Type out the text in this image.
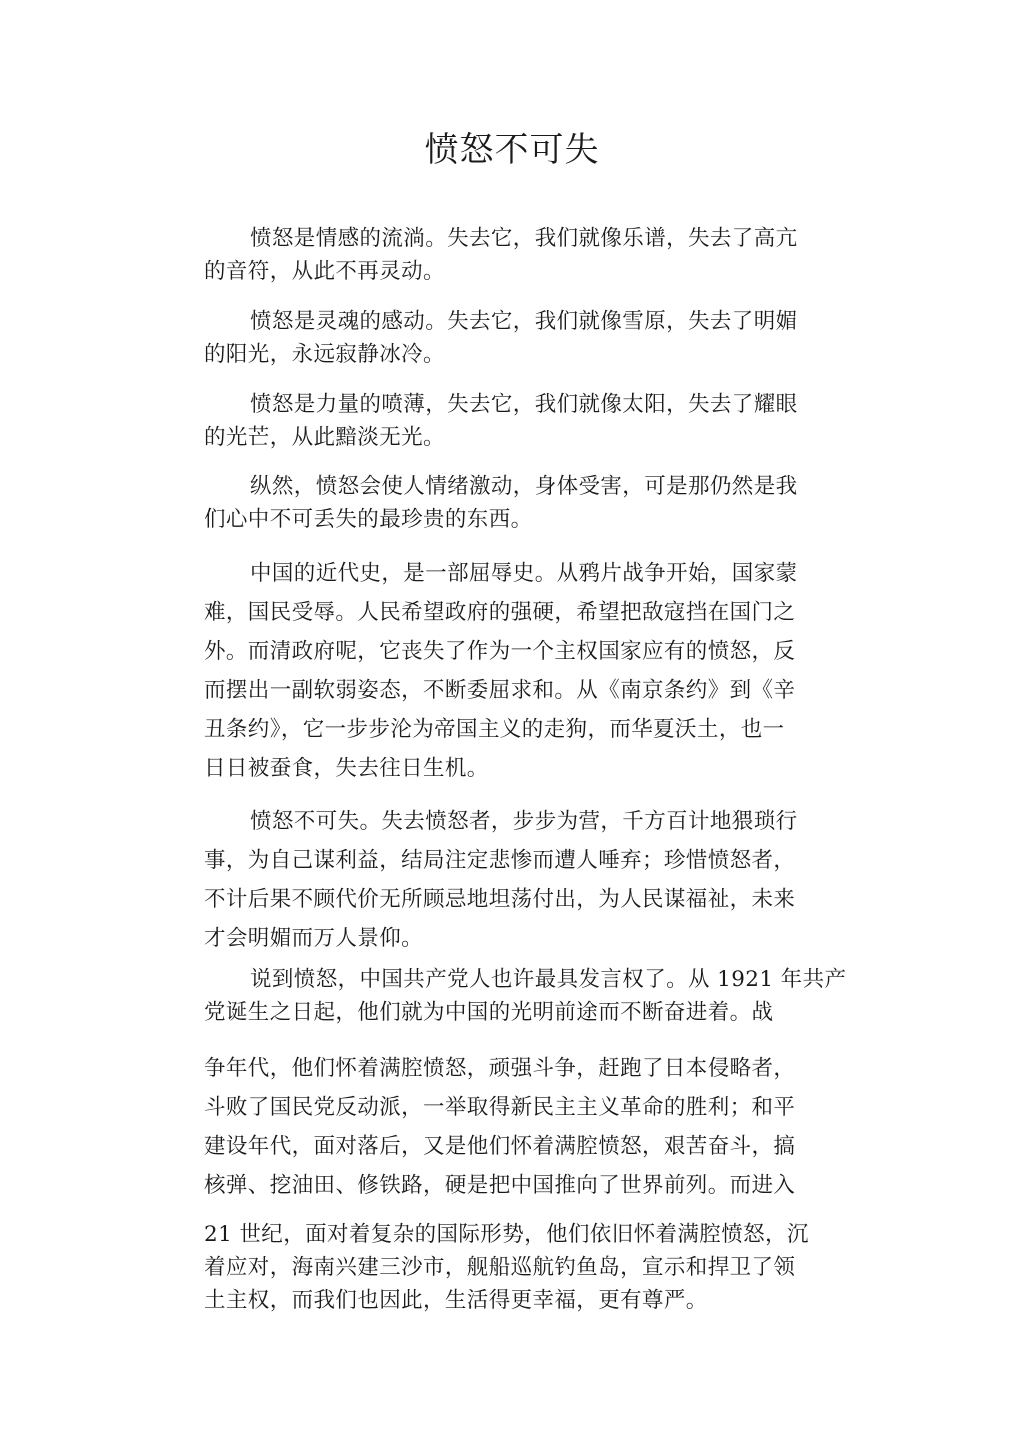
愤怒不可失

愤怒是情感的流淌。失去它，我们就像乐谱，失去了高亢
的音符，从此不再灵动。

愤怒是灵魂的感动。失去它，我们就像雪原，失去了明媚
的阳光，永远寂静冰冷。

愤怒是力量的喷薄，失去它，我们就像太阳，失去了耀眼
的光芒，从此黯淡无光。

纵然，愤怒会使人情绪激动，身体受害，可是那仍然是我
们心中不可丢失的最珍贵的东西。

中国的近代史，是一部屈辱史。从鸦片战争开始，国家蒙
难，国民受辱。人民希望政府的强硬，希望把敌寇挡在国门之
外。而清政府呢，它丧失了作为一个主权国家应有的愤怒，反
而摆出一副软弱姿态，不断委屈求和。从《南京条约》到《辛
丑条约》，它一步步沦为帝国主义的走狗，而华夏沃土，也一
日日被蚕食，失去往日生机。

愤怒不可失。失去愤怒者，步步为营，千方百计地猥琐行
事，为自己谋利益，结局注定悲惨而遭人唾弃；珍惜愤怒者，
不计后果不顾代价无所顾忌地坦荡付出，为人民谋福祉，未来
才会明媚而万人景仰。

说到愤怒，中国共产党人也许最具发言权了。从 1921 年共产
党诞生之日起，他们就为中国的光明前途而不断奋进着。战

争年代，他们怀着满腔愤怒，顽强斗争，赶跑了日本侵略者，
斗败了国民党反动派，一举取得新民主主义革命的胜利；和平
建设年代，面对落后，又是他们怀着满腔愤怒，艰苦奋斗，搞
核弹、挖油田、修铁路，硬是把中国推向了世界前列。而进入

21 世纪，面对着复杂的国际形势，他们依旧怀着满腔愤怒，沉
着应对，海南兴建三沙市，舰船巡航钓鱼岛，宣示和捍卫了领
土主权，而我们也因此，生活得更幸福，更有尊严。
